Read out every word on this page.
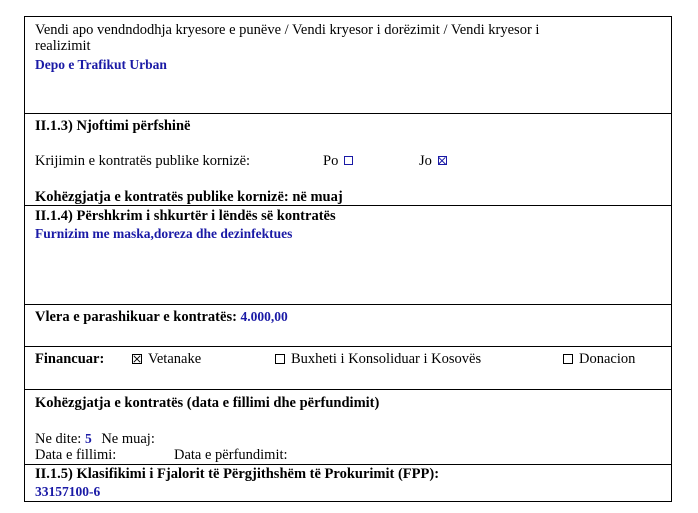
Vendi apo vendndodhja kryesore e punëve / Vendi kryesor i dorëzimit / Vendi kryesor i
realizimit
Depo e Trafikut Urban
II.1.3) Njoftimi përfshinë
Krijimin e kontratës publike kornizë:	Po	Jo
Kohëzgjatja e kontratës publike kornizë: në muaj
II.1.4) Përshkrim i shkurtër i lëndës së kontratës
Furnizim me maska,doreza dhe dezinfektues
Vlera e parashikuar e kontratës: 4.000,00
Financuar:	Vetanake	Buxheti i Konsoliduar i Kosovës	Donacion
Kohëzgjatja e kontratës (data e fillimi dhe përfundimit)
Ne dite: 5 Ne muaj:
Data e fillimi:	Data e përfundimit:
II.1.5) Klasifikimi i Fjalorit të Përgjithshëm të Prokurimit (FPP):
33157100-6
